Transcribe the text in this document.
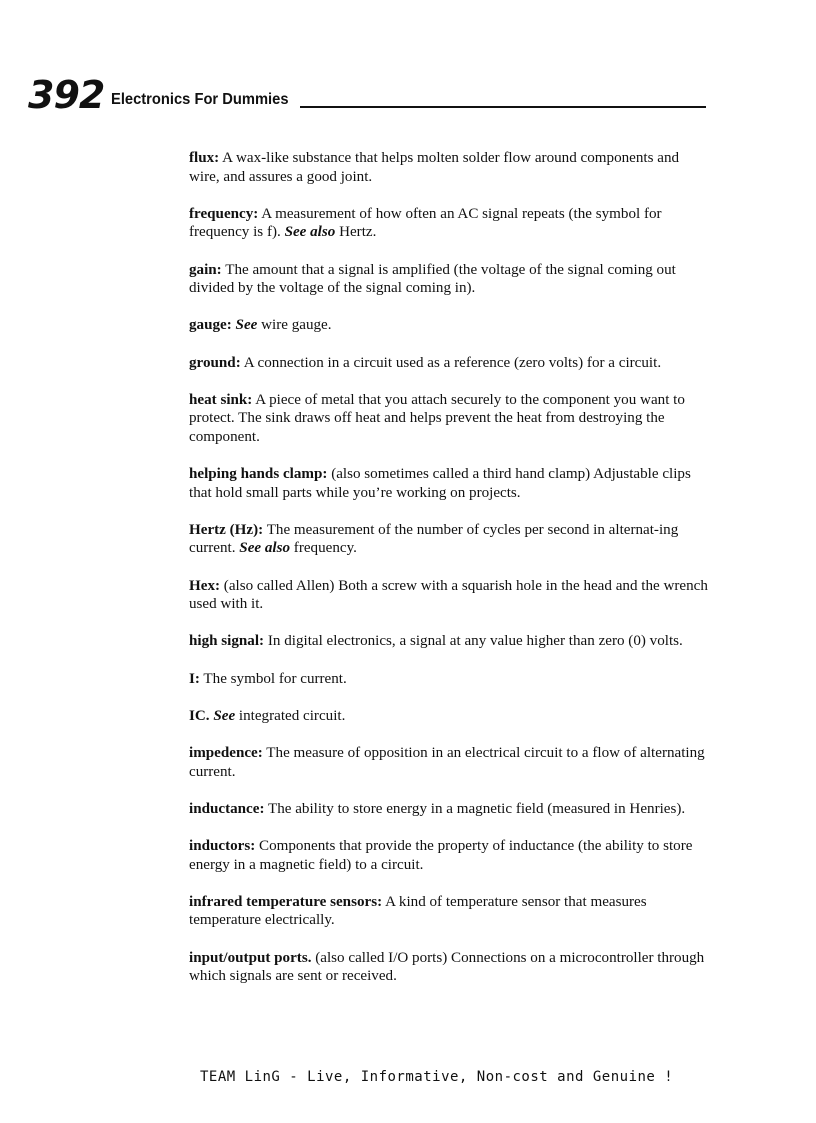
392 Electronics For Dummies
flux: A wax-like substance that helps molten solder flow around components and wire, and assures a good joint.
frequency: A measurement of how often an AC signal repeats (the symbol for frequency is f). See also Hertz.
gain: The amount that a signal is amplified (the voltage of the signal coming out divided by the voltage of the signal coming in).
gauge: See wire gauge.
ground: A connection in a circuit used as a reference (zero volts) for a circuit.
heat sink: A piece of metal that you attach securely to the component you want to protect. The sink draws off heat and helps prevent the heat from destroying the component.
helping hands clamp: (also sometimes called a third hand clamp) Adjustable clips that hold small parts while you’re working on projects.
Hertz (Hz): The measurement of the number of cycles per second in alternat-ing current. See also frequency.
Hex: (also called Allen) Both a screw with a squarish hole in the head and the wrench used with it.
high signal: In digital electronics, a signal at any value higher than zero (0) volts.
I: The symbol for current.
IC. See integrated circuit.
impedence: The measure of opposition in an electrical circuit to a flow of alternating current.
inductance: The ability to store energy in a magnetic field (measured in Henries).
inductors: Components that provide the property of inductance (the ability to store energy in a magnetic field) to a circuit.
infrared temperature sensors: A kind of temperature sensor that measures temperature electrically.
input/output ports. (also called I/O ports) Connections on a microcontroller through which signals are sent or received.
TEAM LinG - Live, Informative, Non-cost and Genuine !
